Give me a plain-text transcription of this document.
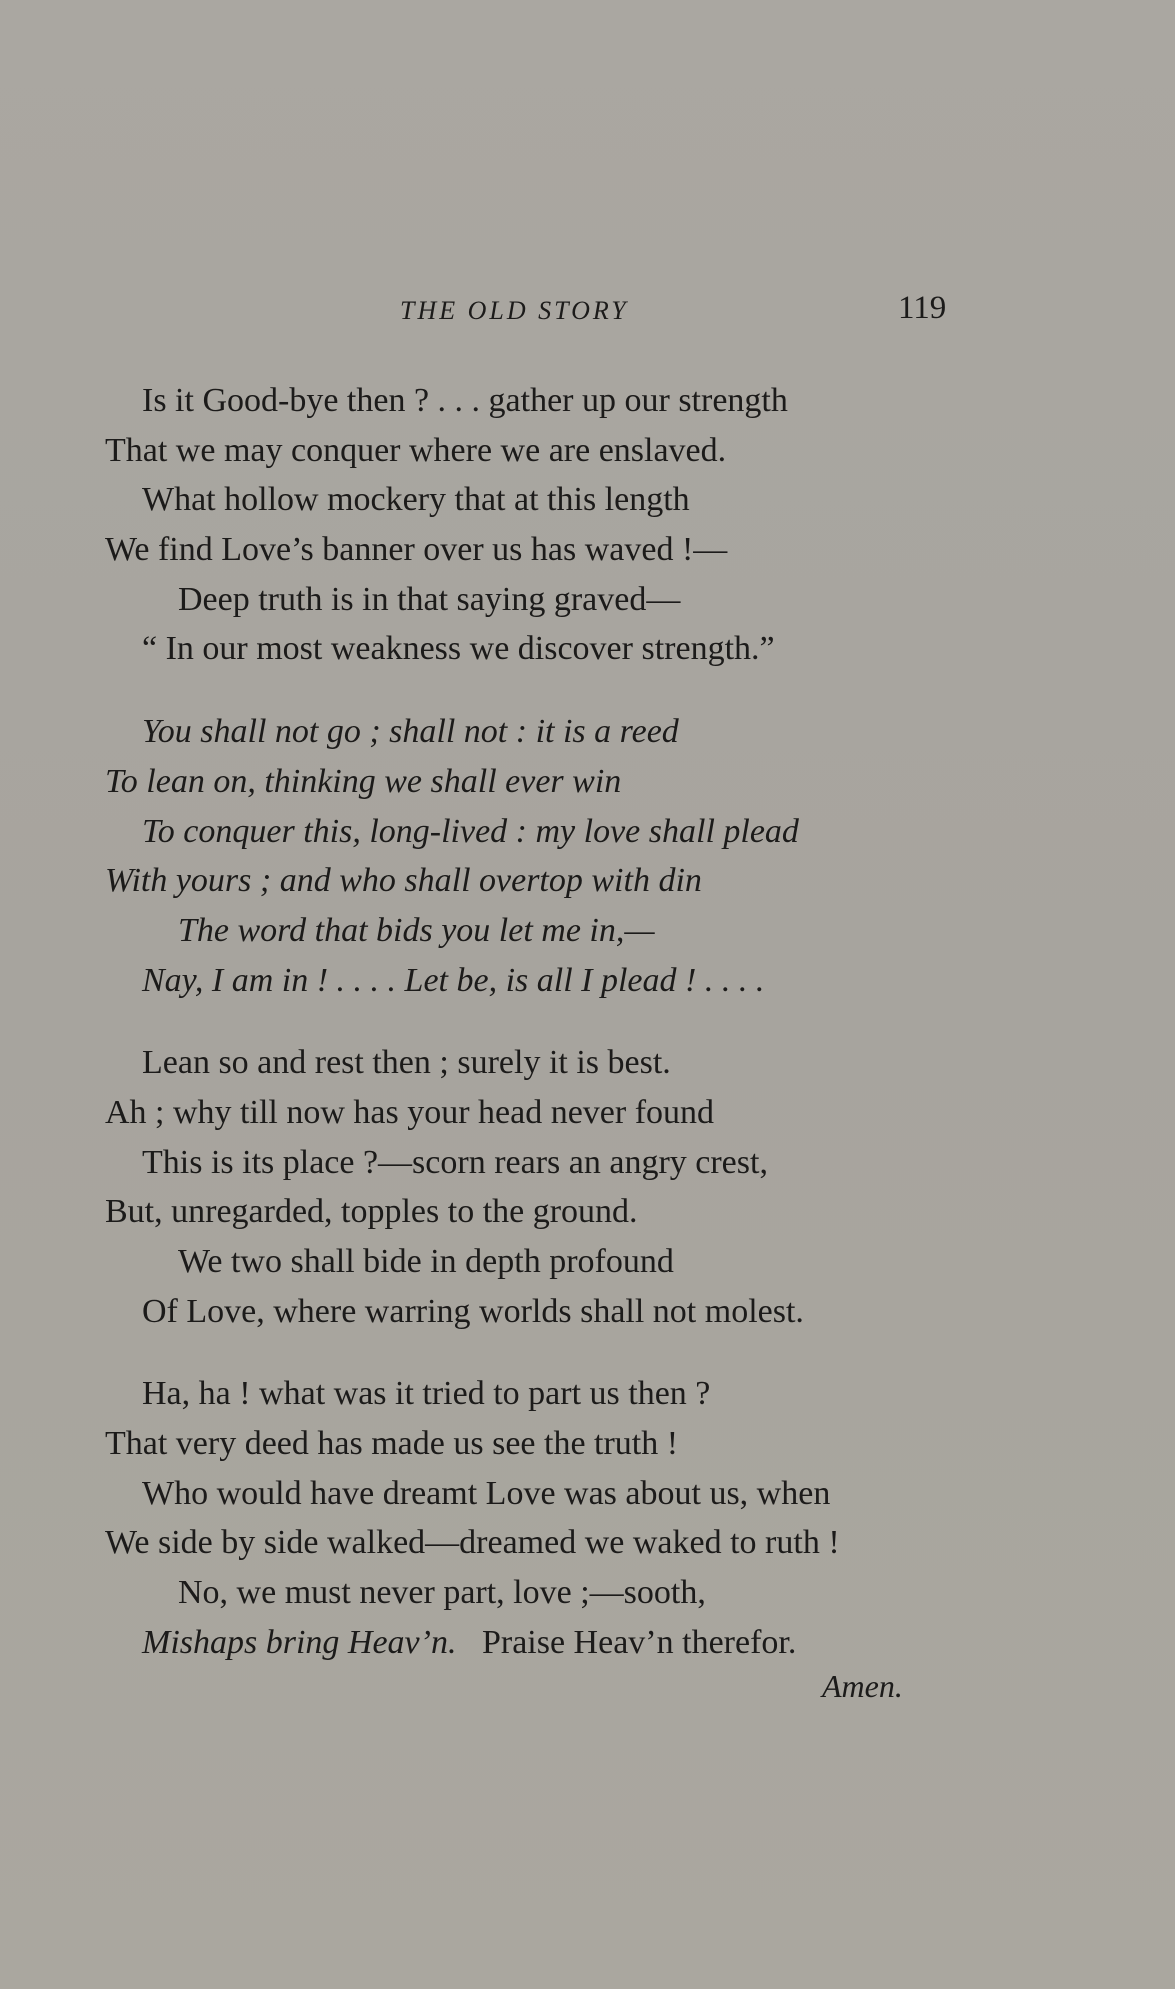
THE OLD STORY	119
Is it Good-bye then ? . . . gather up our strength
That we may conquer where we are enslaved.
What hollow mockery that at this length
We find Love’s banner over us has waved !—
Deep truth is in that saying graved—
“ In our most weakness we discover strength.”
You shall not go ; shall not : it is a reed
To lean on, thinking we shall ever win
To conquer this, long-lived : my love shall plead
With yours ; and who shall overtop with din
The word that bids you let me in,—
Nay, I am in ! . . . . Let be, is all I plead ! . . . .
Lean so and rest then ; surely it is best.
Ah ; why till now has your head never found
This is its place ?—scorn rears an angry crest,
But, unregarded, topples to the ground.
We two shall bide in depth profound
Of Love, where warring worlds shall not molest.
Ha, ha ! what was it tried to part us then ?
That very deed has made us see the truth !
Who would have dreamt Love was about us, when
We side by side walked—dreamed we waked to ruth !
No, we must never part, love ;—sooth,
Mishaps bring Heav’n. Praise Heav’n therefor.
Amen.
